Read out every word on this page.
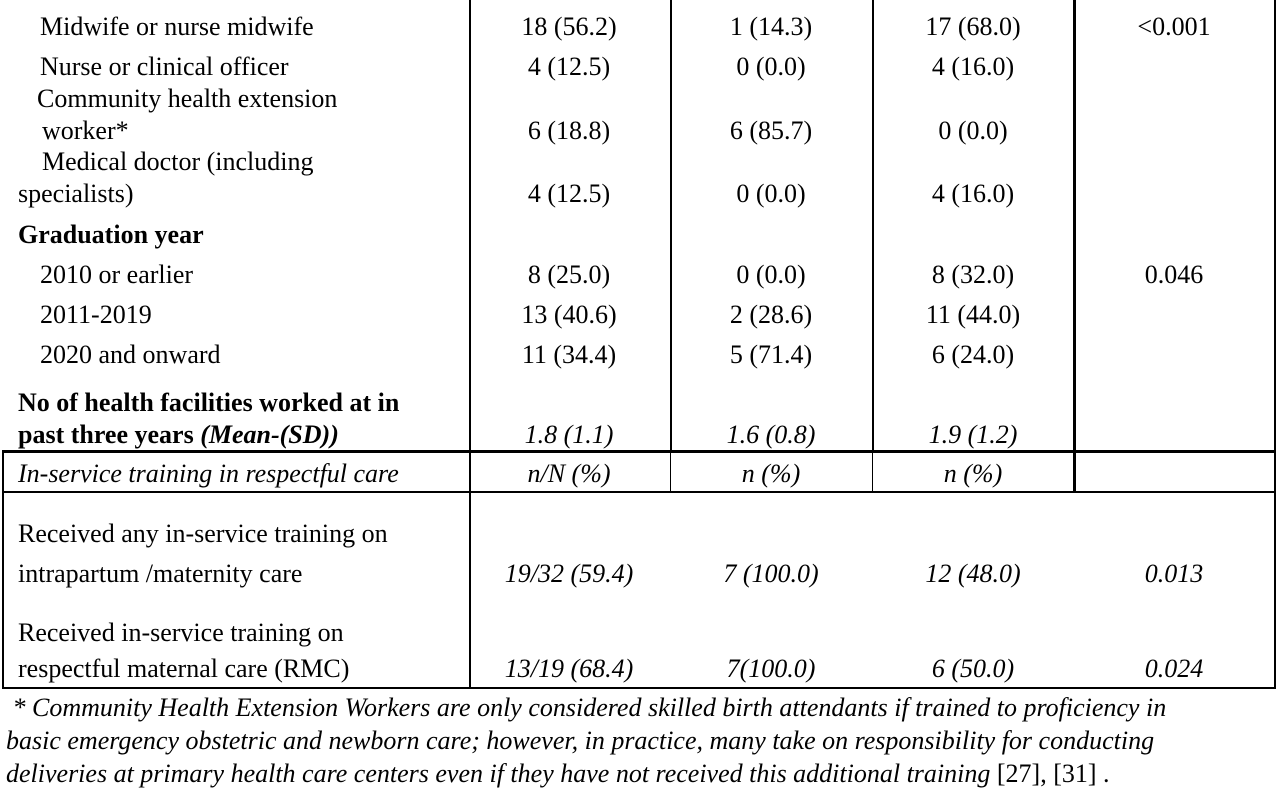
Midwife or nurse midwife	18 (56.2)	1 (14.3)	17 (68.0)	<0.001
Nurse or clinical officer	4 (12.5)	0 (0.0)	4 (16.0)
Community health extension
worker*	6 (18.8)	6 (85.7)	0 (0.0)
Medical doctor (including
specialists)	4 (12.5)	0 (0.0)	4 (16.0)
Graduation year
2010 or earlier	8 (25.0)	0 (0.0)	8 (32.0)	0.046
2011-2019	13 (40.6)	2 (28.6)	11 (44.0)
2020 and onward	11 (34.4)	5 (71.4)	6 (24.0)
No of health facilities worked at in
past three years (Mean-(SD))	1.8 (1.1)	1.6 (0.8)	1.9 (1.2)
In-service training in respectful care	n/N (%)	n (%)	n (%)
Received any in-service training on
intrapartum /maternity care	19/32 (59.4)	7 (100.0)	12 (48.0)	0.013
Received in-service training on
respectful maternal care (RMC)	13/19 (68.4)	7(100.0)	6 (50.0)	0.024
* Community Health Extension Workers are only considered skilled birth attendants if trained to proficiency in
basic emergency obstetric and newborn care; however, in practice, many take on responsibility for conducting
deliveries at primary health care centers even if they have not received this additional training [27], [31] .
